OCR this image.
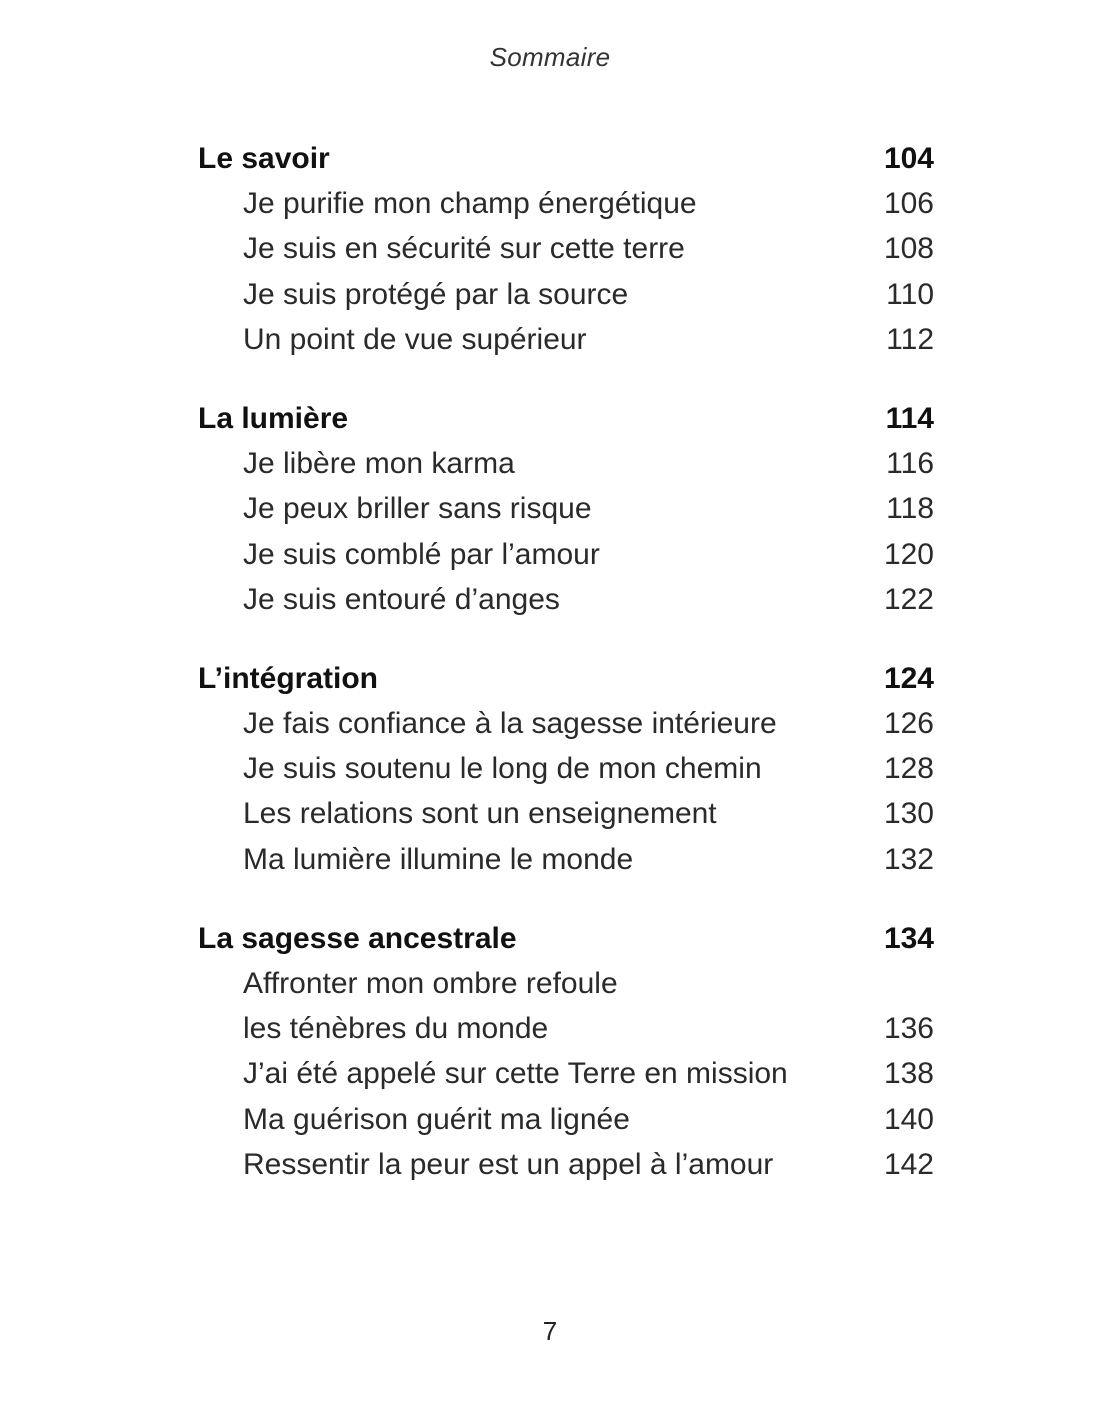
Sommaire
Le savoir	104
Je purifie mon champ énergétique	106
Je suis en sécurité sur cette terre	108
Je suis protégé par la source	110
Un point de vue supérieur	112
La lumière	114
Je libère mon karma	116
Je peux briller sans risque	118
Je suis comblé par l’amour	120
Je suis entouré d’anges	122
L’intégration	124
Je fais confiance à la sagesse intérieure	126
Je suis soutenu le long de mon chemin	128
Les relations sont un enseignement	130
Ma lumière illumine le monde	132
La sagesse ancestrale	134
Affronter mon ombre refoule
les ténèbres du monde	136
J’ai été appelé sur cette Terre en mission	138
Ma guérison guérit ma lignée	140
Ressentir la peur est un appel à l’amour	142
7
